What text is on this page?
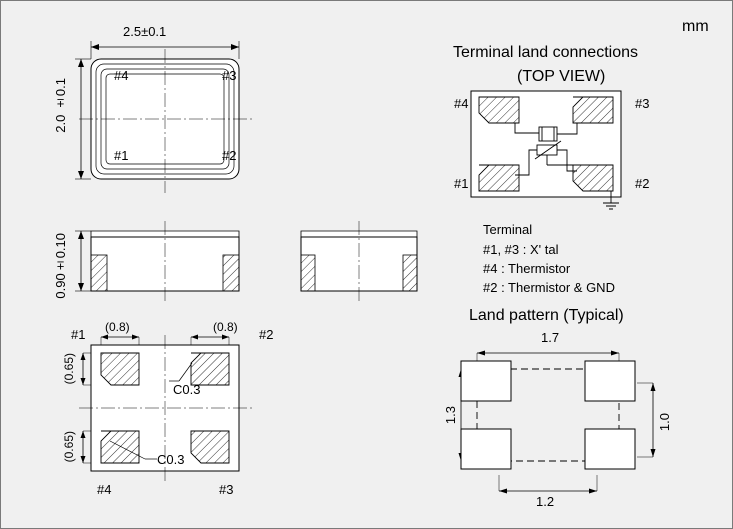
mm
2.5±0.1
2.0 ±0.1
#4	#3
#1	#2
0.90±0.10
(0.8)	(0.8)
(0.65)
(0.65)
#1	#2
#4	#3
C0.3
C0.3
Terminal land connections
(TOP VIEW)
#4	#3
#1	#2
Terminal
#1, #3 : X' tal
#4 : Thermistor
#2 : Thermistor & GND
Land pattern (Typical)
1.7
1.3	1.0
1.2
